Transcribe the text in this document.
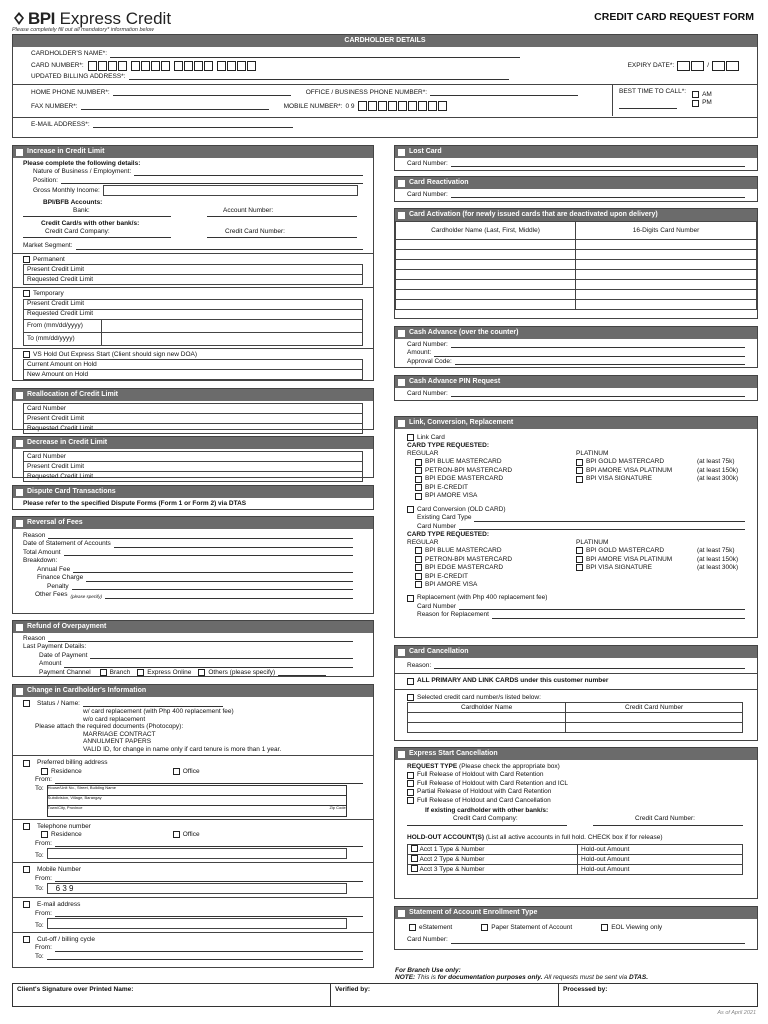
BPI Express Credit
Please completely fill out all mandatory* information below
CREDIT CARD REQUEST FORM
CARDHOLDER DETAILS
CARDHOLDER'S NAME*:
CARD NUMBER*:	EXPIRY DATE*:	/
UPDATED BILLING ADDRESS*:
HOME PHONE NUMBER*:	OFFICE / BUSINESS PHONE NUMBER*:
FAX NUMBER*:	MOBILE NUMBER*: 0 9
BEST TIME TO CALL*: AM
PM
E-MAIL ADDRESS*:
Increase in Credit Limit
Please complete the following details:
Nature of Business / Employment:
Position:
Gross Monthly Income:
BPI/BFB Accounts:
Bank:	Account Number:
Credit Card/s with other bank/s:
Credit Card Company:	Credit Card Number:
Market Segment:
Permanent
Present Credit Limit
Requested Credit Limit
Temporary
Present Credit Limit	
Requested Credit Limit	
From (mm/dd/yyyy)	
To (mm/dd/yyyy)	
VS Hold Out Express Start (Client should sign new DOA)
Current Amount on Hold
New Amount on Hold
Reallocation of Credit Limit
Card Number
Present Credit Limit
Requested Credit Limit
Decrease in Credit Limit
Card Number
Present Credit Limit
Requested Credit Limit
Dispute Card Transactions
Please refer to the specified Dispute Forms (Form 1 or Form 2) via DTAS
Reversal of Fees
Reason
Date of Statement of Accounts
Total Amount
Breakdown:
Annual Fee
Finance Charge
Penalty
Other Fees (please specify)
Refund of Overpayment
Reason
Last Payment Details:
Date of Payment
Amount
Payment Channel	Branch	Express Online	Others (please specify)
Change in Cardholder's Information
Status / Name:
w/ card replacement (with Php 400 replacement fee)
w/o card replacement
Please attach the required documents (Photocopy):
MARRIAGE CONTRACT
ANNULMENT PAPERS
VALID ID, for change in name only if card tenure is more than 1 year.
Preferred billing address
Residence	Office
From:
To: House/Unit No., Street, Building Name
Subdivision, Village, Barangay
Town/City, Province	Zip Code
Telephone number
Residence	Office
From:
To:
Mobile Number
From:
To:	6 3 9
E-mail address
From:
To:
Cut-off / billing cycle
From:
To:
Lost Card
Card Number:
Card Reactivation
Card Number:
Card Activation (for newly issued cards that are deactivated upon delivery)
Cardholder Name (Last, First, Middle)	16-Digits Card Number

Cash Advance (over the counter)
Card Number:
Amount:
Approval Code:
Cash Advance PIN Request
Card Number:
Link, Conversion, Replacement
Link Card
CARD TYPE REQUESTED:
REGULAR
BPI BLUE MASTERCARD
PETRON-BPI MASTERCARD
BPI EDGE MASTERCARD
BPI E-CREDIT
BPI AMORE VISA
PLATINUM
BPI GOLD MASTERCARD	(at least 75k)
BPI AMORE VISA PLATINUM	(at least 150k)
BPI VISA SIGNATURE	(at least 300k)
Card Conversion (OLD CARD)
Existing Card Type
Card Number
CARD TYPE REQUESTED:
REGULAR
BPI BLUE MASTERCARD
PETRON-BPI MASTERCARD
BPI EDGE MASTERCARD
BPI E-CREDIT
BPI AMORE VISA
PLATINUM
BPI GOLD MASTERCARD	(at least 75k)
BPI AMORE VISA PLATINUM	(at least 150k)
BPI VISA SIGNATURE	(at least 300k)
Replacement (with Php 400 replacement fee)
Card Number
Reason for Replacement
Card Cancellation
Reason:
ALL PRIMARY AND LINK CARDS under this customer number
Selected credit card number/s listed below:
Cardholder Name	Credit Card Number

Express Start Cancellation
REQUEST TYPE (Please check the appropriate box)
Full Release of Holdout with Card Retention
Full Release of Holdout with Card Retention and ICL
Partial Release of Holdout with Card Retention
Full Release of Holdout and Card Cancellation
If existing cardholder with other bank/s:
Credit Card Company:	Credit Card Number:
HOLD-OUT ACCOUNT(S) (List all active accounts in full hold. CHECK box if for release)
Acct 1 Type & Number	Hold-out Amount
Acct 2 Type & Number	Hold-out Amount
Acct 3 Type & Number	Hold-out Amount
Statement of Account Enrollment Type
eStatement	Paper Statement of Account	EOL Viewing only
Card Number:
For Branch Use only:
NOTE: This is for documentation purposes only. All requests must be sent via DTAS.
Client's Signature over Printed Name:	Verified by:	Processed by:
As of April 2021
